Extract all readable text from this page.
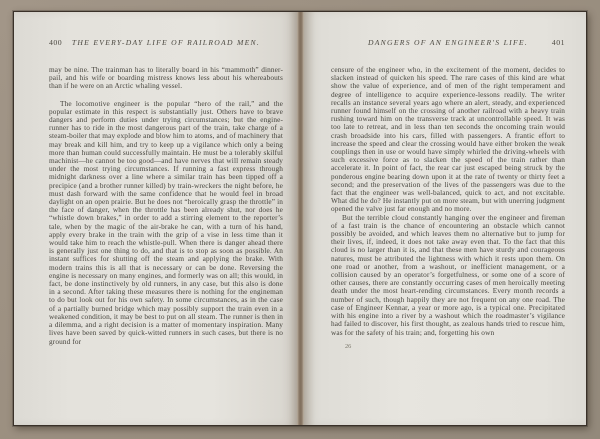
400	THE EVERY-DAY LIFE OF RAILROAD MEN.

may be nine. The trainman has to literally board in his “mammoth” dinner-pail, and his wife or boarding mistress knows less about his whereabouts than if he were on an Arctic whaling vessel.

The locomotive engineer is the popular “hero of the rail,” and the popular estimate in this respect is substantially just. Others have to brave dangers and perform duties under trying circumstances; but the engine-runner has to ride in the most dangerous part of the train, take charge of a steam-boiler that may explode and blow him to atoms, and of machinery that may break and kill him, and try to keep up a vigilance which only a being more than human could successfully maintain. He must be a tolerably skilful machinist—he cannot be too good—and have nerves that will remain steady under the most trying circumstances. If running a fast express through midnight darkness over a line where a similar train has been tipped off a precipice (and a brother runner killed) by train-wreckers the night before, he must dash forward with the same confidence that he would feel in broad daylight on an open prairie. But he does not “heroically grasp the throttle” in the face of danger, when the throttle has been already shut, nor does he “whistle down brakes,” in order to add a stirring element to the reporter’s tale, when by the magic of the air-brake he can, with a turn of his hand, apply every brake in the train with the grip of a vise in less time than it would take him to reach the whistle-pull. When there is danger ahead there is generally just one thing to do, and that is to stop as soon as possible. An instant suffices for shutting off the steam and applying the brake. With modern trains this is all that is necessary or can be done. Reversing the engine is necessary on many engines, and formerly was on all; this would, in fact, be done instinctively by old runners, in any case, but this also is done in a second. After taking these measures there is nothing for the engineman to do but look out for his own safety. In some circumstances, as in the case of a partially burned bridge which may possibly support the train even in a weakened condition, it may be best to put on all steam. The runner is then in a dilemma, and a right decision is a matter of momentary inspiration. Many lives have been saved by quick-witted runners in such cases, but there is no ground for

DANGERS OF AN ENGINEER'S LIFE.	401

censure of the engineer who, in the excitement of the moment, decides to slacken instead of quicken his speed. The rare cases of this kind are what show the value of experience, and of men of the right temperament and degree of intelligence to acquire experience-lessons readily. The writer recalls an instance several years ago where an alert, steady, and experienced runner found himself on the crossing of another railroad with a heavy train rushing toward him on the transverse track at uncontrollable speed. It was too late to retreat, and in less than ten seconds the oncoming train would crash broadside into his cars, filled with passengers. A frantic effort to increase the speed and clear the crossing would have either broken the weak couplings then in use or would have simply whirled the driving-wheels with such excessive force as to slacken the speed of the train rather than accelerate it. In point of fact, the rear car just escaped being struck by the ponderous engine bearing down upon it at the rate of twenty or thirty feet a second; and the preservation of the lives of the passengers was due to the fact that the engineer was well-balanced, quick to act, and not excitable. What did he do? He instantly put on more steam, but with unerring judgment opened the valve just far enough and no more.

But the terrible cloud constantly hanging over the engineer and fireman of a fast train is the chance of encountering an obstacle which cannot possibly be avoided, and which leaves them no alternative but to jump for their lives, if, indeed, it does not take away even that. To the fact that this cloud is no larger than it is, and that these men have sturdy and courageous natures, must be attributed the lightness with which it rests upon them. On one road or another, from a washout, or inefficient management, or a collision caused by an operator’s forgetfulness, or some one of a score of other causes, there are constantly occurring cases of men heroically meeting death under the most heart-rending circumstances. Every month records a number of such, though happily they are not frequent on any one road. The case of Engineer Kennar, a year or more ago, is a typical one. Precipitated with his engine into a river by a washout which the roadmaster’s vigilance had failed to discover, his first thought, as zealous hands tried to rescue him, was for the safety of his train; and, forgetting his own

26
